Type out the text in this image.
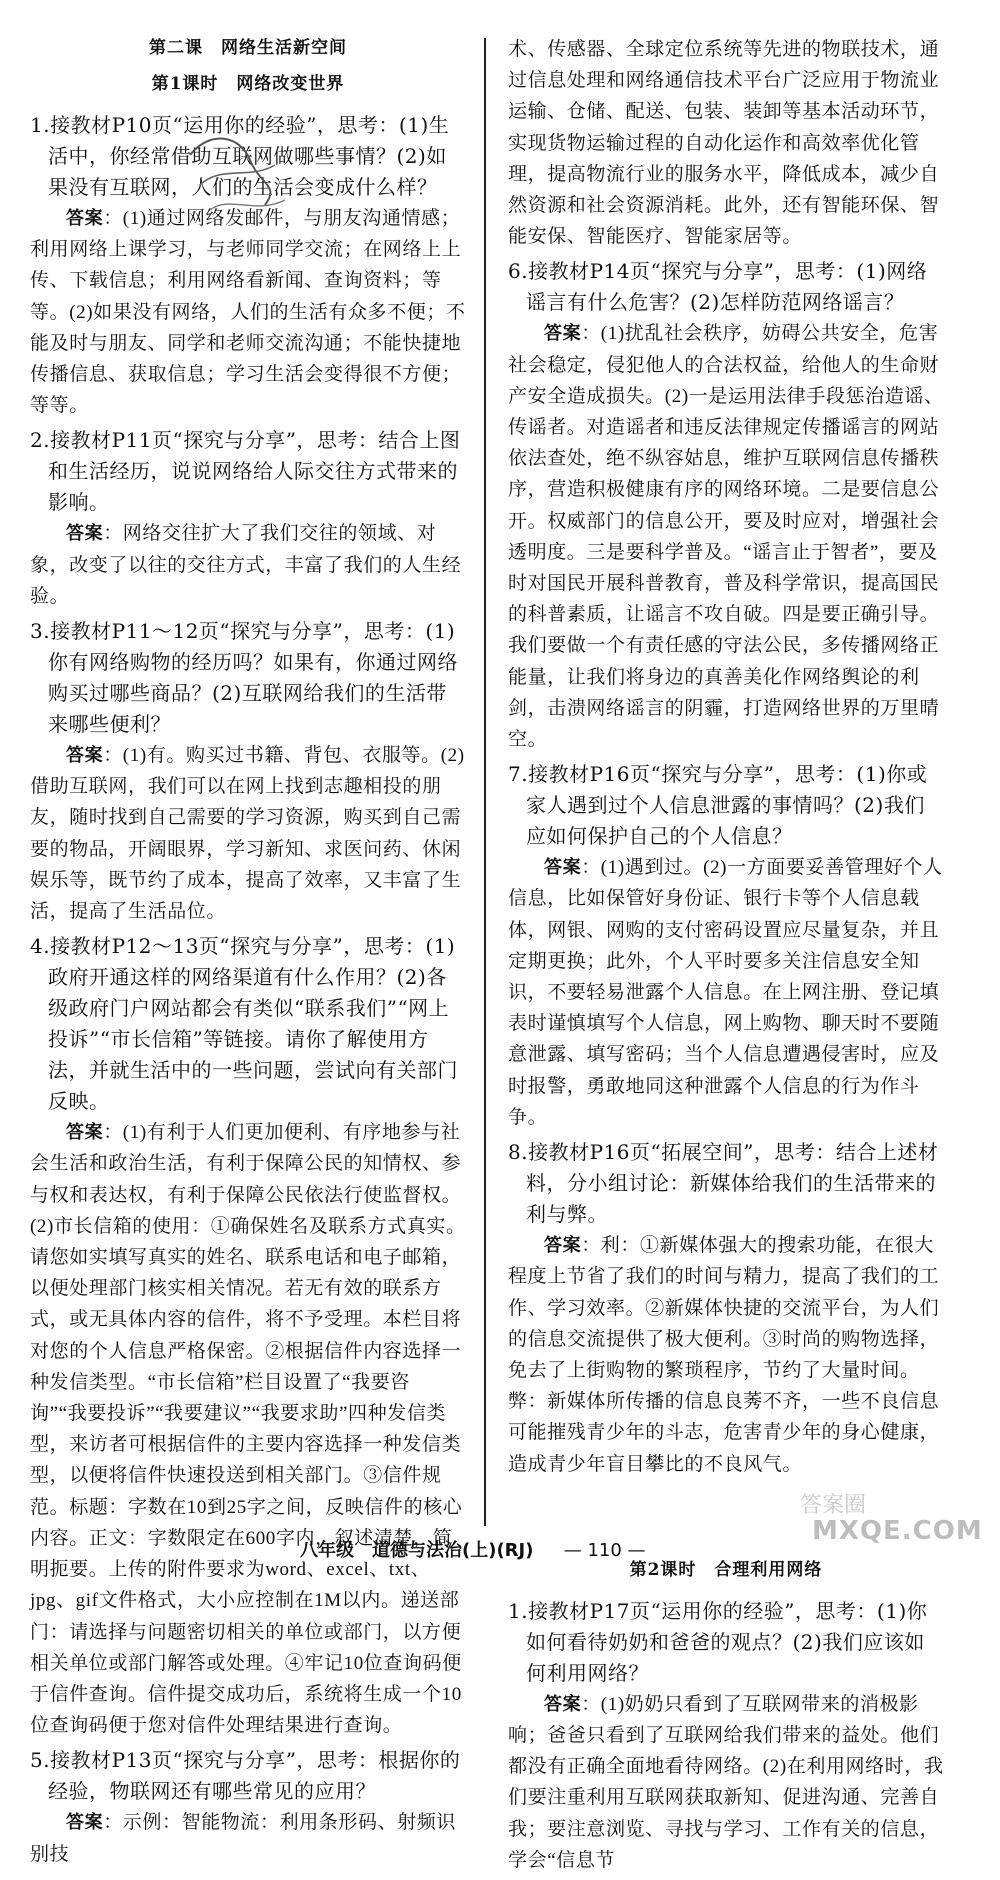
第二课　网络生活新空间
第1课时　网络改变世界

1.接教材P10页“运用你的经验”，思考：(1)生活中，你经常借助互联网做哪些事情？(2)如果没有互联网，人们的生活会变成什么样？

答案：(1)通过网络发邮件，与朋友沟通情感；利用网络上课学习，与老师同学交流；在网络上上传、下载信息；利用网络看新闻、查询资料；等等。(2)如果没有网络，人们的生活有众多不便；不能及时与朋友、同学和老师交流沟通；不能快捷地传播信息、获取信息；学习生活会变得很不方便；等等。

2.接教材P11页“探究与分享”，思考：结合上图和生活经历，说说网络给人际交往方式带来的影响。

答案：网络交往扩大了我们交往的领域、对象，改变了以往的交往方式，丰富了我们的人生经验。

3.接教材P11～12页“探究与分享”，思考：(1)你有网络购物的经历吗？如果有，你通过网络购买过哪些商品？(2)互联网给我们的生活带来哪些便利？

答案：(1)有。购买过书籍、背包、衣服等。(2)借助互联网，我们可以在网上找到志趣相投的朋友，随时找到自己需要的学习资源，购买到自己需要的物品，开阔眼界，学习新知、求医问药、休闲娱乐等，既节约了成本，提高了效率，又丰富了生活，提高了生活品位。

4.接教材P12～13页“探究与分享”，思考：(1)政府开通这样的网络渠道有什么作用？(2)各级政府门户网站都会有类似“联系我们”“网上投诉”“市长信箱”等链接。请你了解使用方法，并就生活中的一些问题，尝试向有关部门反映。

答案：(1)有利于人们更加便利、有序地参与社会生活和政治生活，有利于保障公民的知情权、参与权和表达权，有利于保障公民依法行使监督权。(2)市长信箱的使用：①确保姓名及联系方式真实。请您如实填写真实的姓名、联系电话和电子邮箱，以便处理部门核实相关情况。若无有效的联系方式，或无具体内容的信件，将不予受理。本栏目将对您的个人信息严格保密。②根据信件内容选择一种发信类型。“市长信箱”栏目设置了“我要咨询”“我要投诉”“我要建议”“我要求助”四种发信类型，来访者可根据信件的主要内容选择一种发信类型，以便将信件快速投送到相关部门。③信件规范。标题：字数在10到25字之间，反映信件的核心内容。正文：字数限定在600字内，叙述清楚，简明扼要。上传的附件要求为word、excel、txt、jpg、gif文件格式，大小应控制在1M以内。递送部门：请选择与问题密切相关的单位或部门，以方便相关单位或部门解答或处理。④牢记10位查询码便于信件查询。信件提交成功后，系统将生成一个10位查询码便于您对信件处理结果进行查询。

5.接教材P13页“探究与分享”，思考：根据你的经验，物联网还有哪些常见的应用？

答案：示例：智能物流：利用条形码、射频识别技

术、传感器、全球定位系统等先进的物联技术，通过信息处理和网络通信技术平台广泛应用于物流业运输、仓储、配送、包装、装卸等基本活动环节，实现货物运输过程的自动化运作和高效率优化管理，提高物流行业的服务水平，降低成本，减少自然资源和社会资源消耗。此外，还有智能环保、智能安保、智能医疗、智能家居等。

6.接教材P14页“探究与分享”，思考：(1)网络谣言有什么危害？(2)怎样防范网络谣言？

答案：(1)扰乱社会秩序，妨碍公共安全，危害社会稳定，侵犯他人的合法权益，给他人的生命财产安全造成损失。(2)一是运用法律手段惩治造谣、传谣者。对造谣者和违反法律规定传播谣言的网站依法查处，绝不纵容姑息，维护互联网信息传播秩序，营造积极健康有序的网络环境。二是要信息公开。权威部门的信息公开，要及时应对，增强社会透明度。三是要科学普及。“谣言止于智者”，要及时对国民开展科普教育，普及科学常识，提高国民的科普素质，让谣言不攻自破。四是要正确引导。我们要做一个有责任感的守法公民，多传播网络正能量，让我们将身边的真善美化作网络舆论的利剑，击溃网络谣言的阴霾，打造网络世界的万里晴空。

7.接教材P16页“探究与分享”，思考：(1)你或家人遇到过个人信息泄露的事情吗？(2)我们应如何保护自己的个人信息？

答案：(1)遇到过。(2)一方面要妥善管理好个人信息，比如保管好身份证、银行卡等个人信息载体，网银、网购的支付密码设置应尽量复杂，并且定期更换；此外，个人平时要多关注信息安全知识，不要轻易泄露个人信息。在上网注册、登记填表时谨慎填写个人信息，网上购物、聊天时不要随意泄露、填写密码；当个人信息遭遇侵害时，应及时报警，勇敢地同这种泄露个人信息的行为作斗争。

8.接教材P16页“拓展空间”，思考：结合上述材料，分小组讨论：新媒体给我们的生活带来的利与弊。

答案：利：①新媒体强大的搜索功能，在很大程度上节省了我们的时间与精力，提高了我们的工作、学习效率。②新媒体快捷的交流平台，为人们的信息交流提供了极大便利。③时尚的购物选择，免去了上街购物的繁琐程序，节约了大量时间。弊：新媒体所传播的信息良莠不齐，一些不良信息可能摧残青少年的斗志，危害青少年的身心健康，造成青少年盲目攀比的不良风气。

第2课时　合理利用网络

1.接教材P17页“运用你的经验”，思考：(1)你如何看待奶奶和爸爸的观点？(2)我们应该如何利用网络？

答案：(1)奶奶只看到了互联网带来的消极影响；爸爸只看到了互联网给我们带来的益处。他们都没有正确全面地看待网络。(2)在利用网络时，我们要注重利用互联网获取新知、促进沟通、完善自我；要注意浏览、寻找与学习、工作有关的信息，学会“信息节

答案圈
MXQE.COM
八年级　道德与法治(上)(RJ) — 110 —
